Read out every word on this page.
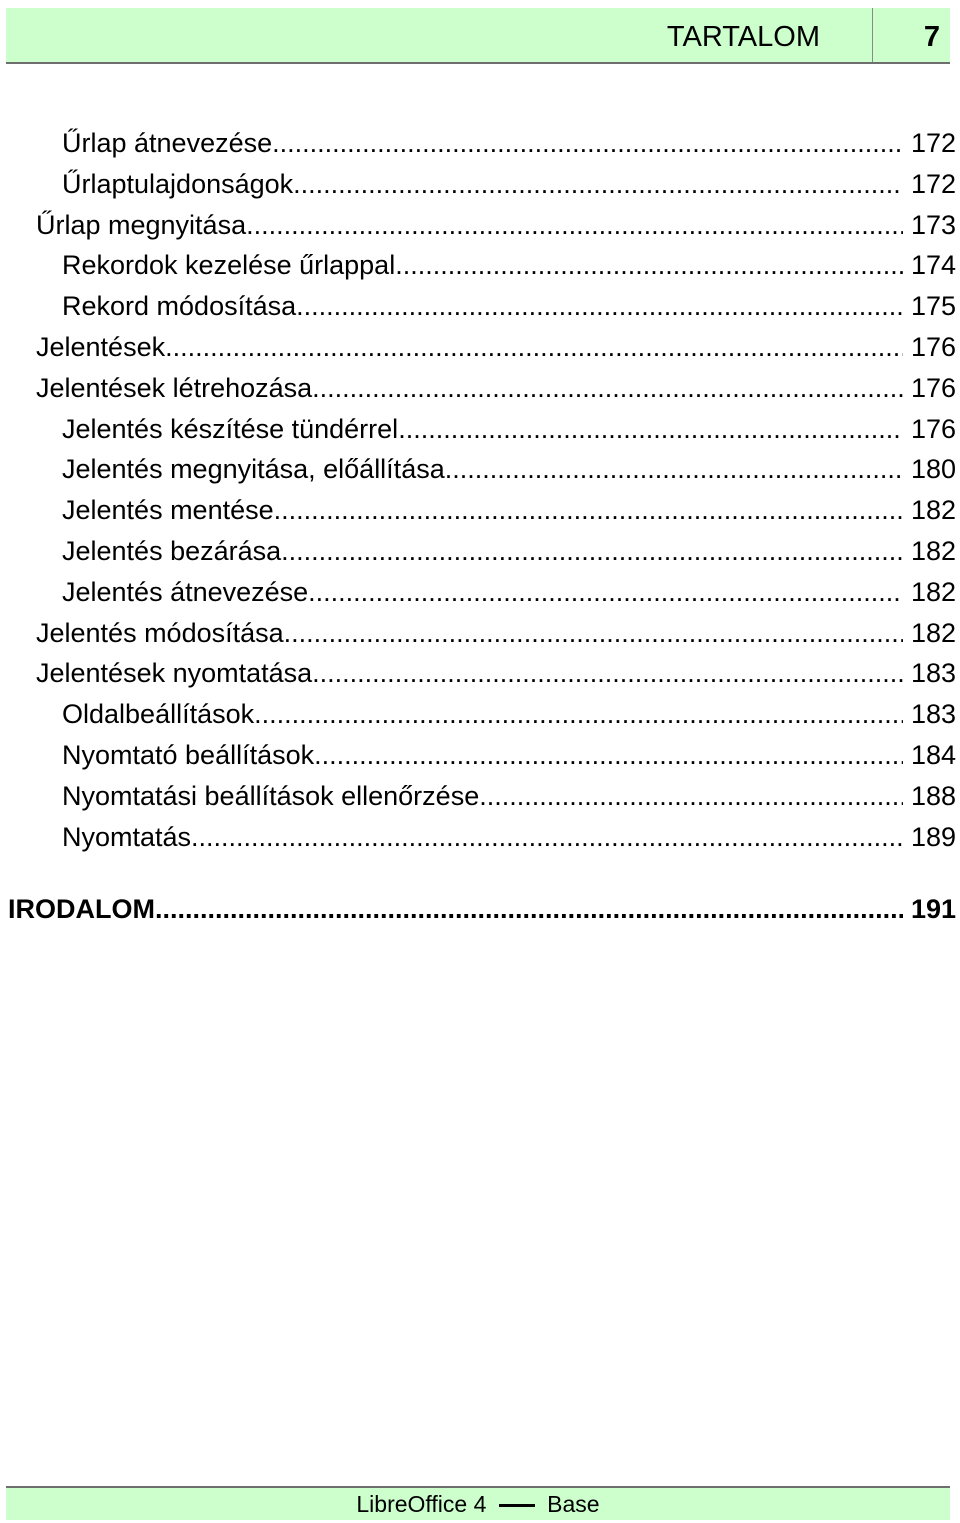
TARTALOM	7
Űrlap átnevezése .....	172
Űrlaptulajdonságok .....	172
Űrlap megnyitása .....	173
Rekordok kezelése űrlappal .....	174
Rekord módosítása .....	175
Jelentések .....	176
Jelentések létrehozása .....	176
Jelentés készítése tündérrel .....	176
Jelentés megnyitása, előállítása .....	180
Jelentés mentése .....	182
Jelentés bezárása .....	182
Jelentés átnevezése .....	182
Jelentés módosítása .....	182
Jelentések nyomtatása .....	183
Oldalbeállítások .....	183
Nyomtató beállítások .....	184
Nyomtatási beállítások ellenőrzése .....	188
Nyomtatás .....	189
IRODALOM .....	191
LibreOffice 4	Base
